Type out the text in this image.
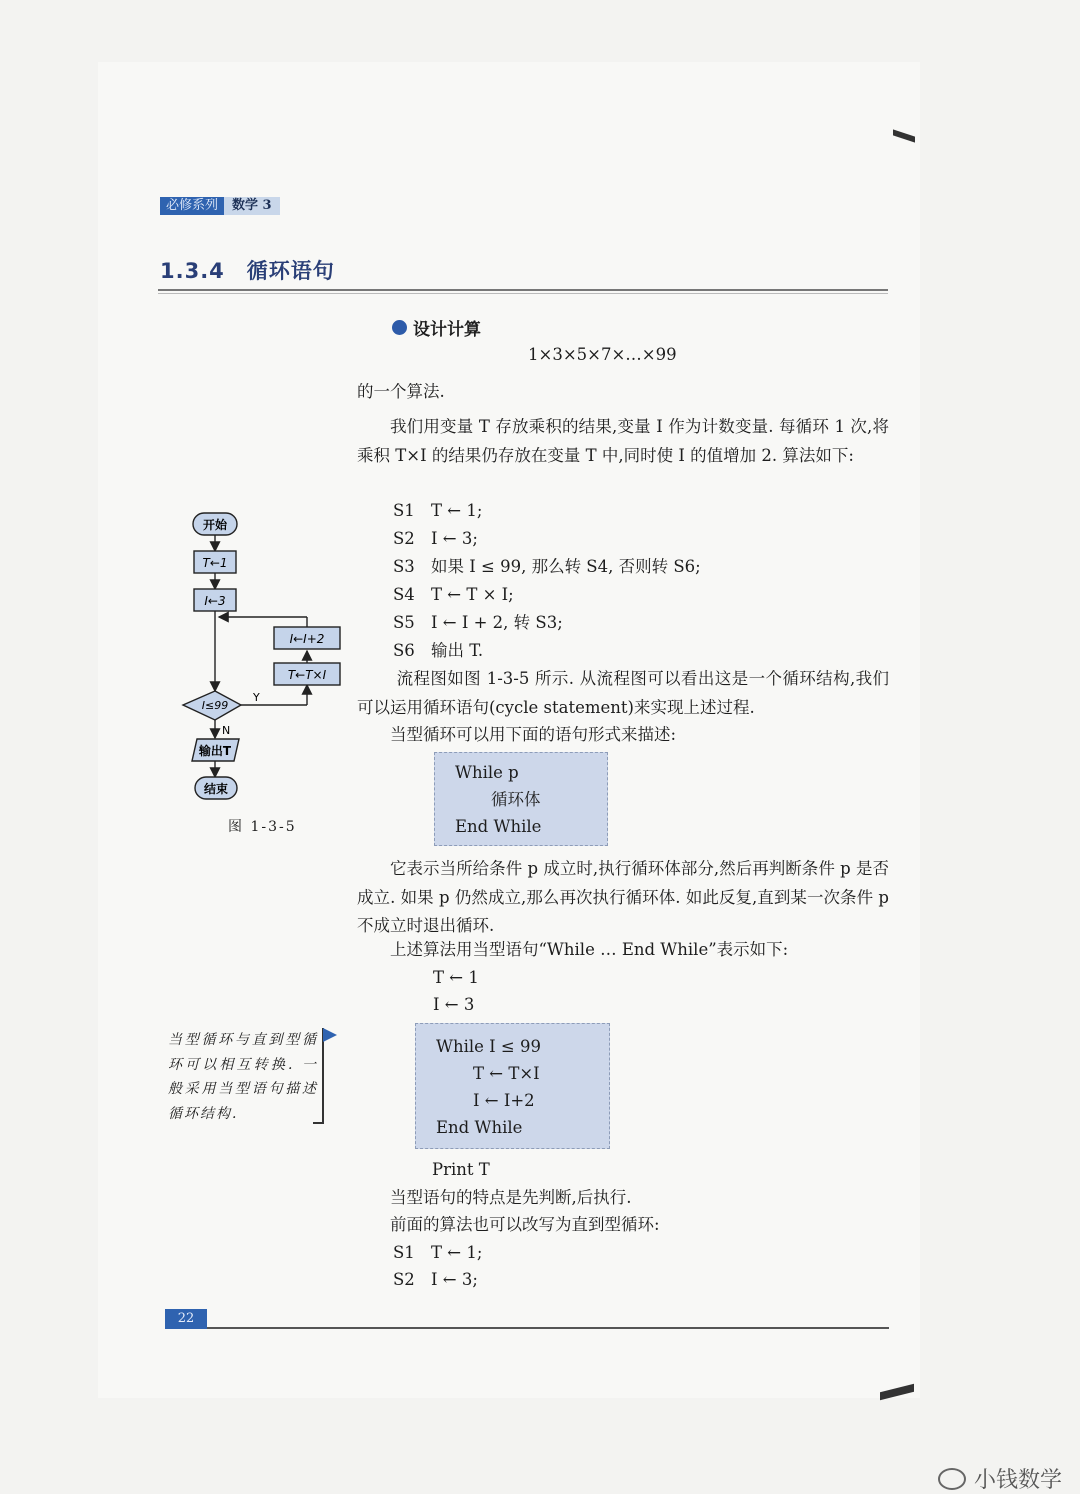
必修系列	数学 3
1.3.4 循环语句
设计计算
1×3×5×7×…×99
的一个算法.
我们用变量 T 存放乘积的结果,变量 I 作为计数变量. 每循环 1 次,将乘积 T×I 的结果仍存放在变量 T 中,同时使 I 的值增加 2. 算法如下:
S1 T ← 1;
S2 I ← 3;
S3 如果 I ≤ 99, 那么转 S4, 否则转 S6;
S4 T ← T × I;
S5 I ← I + 2, 转 S3;
S6 输出 T.
流程图如图 1-3-5 所示. 从流程图可以看出这是一个循环结构,我们可以运用循环语句(cycle statement)来实现上述过程.
当型循环可以用下面的语句形式来描述:
While p
循环体
End While
它表示当所给条件 p 成立时,执行循环体部分,然后再判断条件 p 是否成立. 如果 p 仍然成立,那么再次执行循环体. 如此反复,直到某一次条件 p 不成立时退出循环.
上述算法用当型语句“While … End While”表示如下:
T ← 1
I ← 3
While I ≤ 99
T ← T×I
I ← I+2
End While
Print T
当型语句的特点是先判断,后执行.
前面的算法也可以改写为直到型循环:
S1 T ← 1;
S2 I ← 3;
开始
T←1
I←3
I←I+2
T←T×I
I≤99
Y
N
输出T
结束
图 1-3-5
当型循环与直到型循环可以相互转换. 一般采用当型语句描述循环结构.
22
小钱数学
